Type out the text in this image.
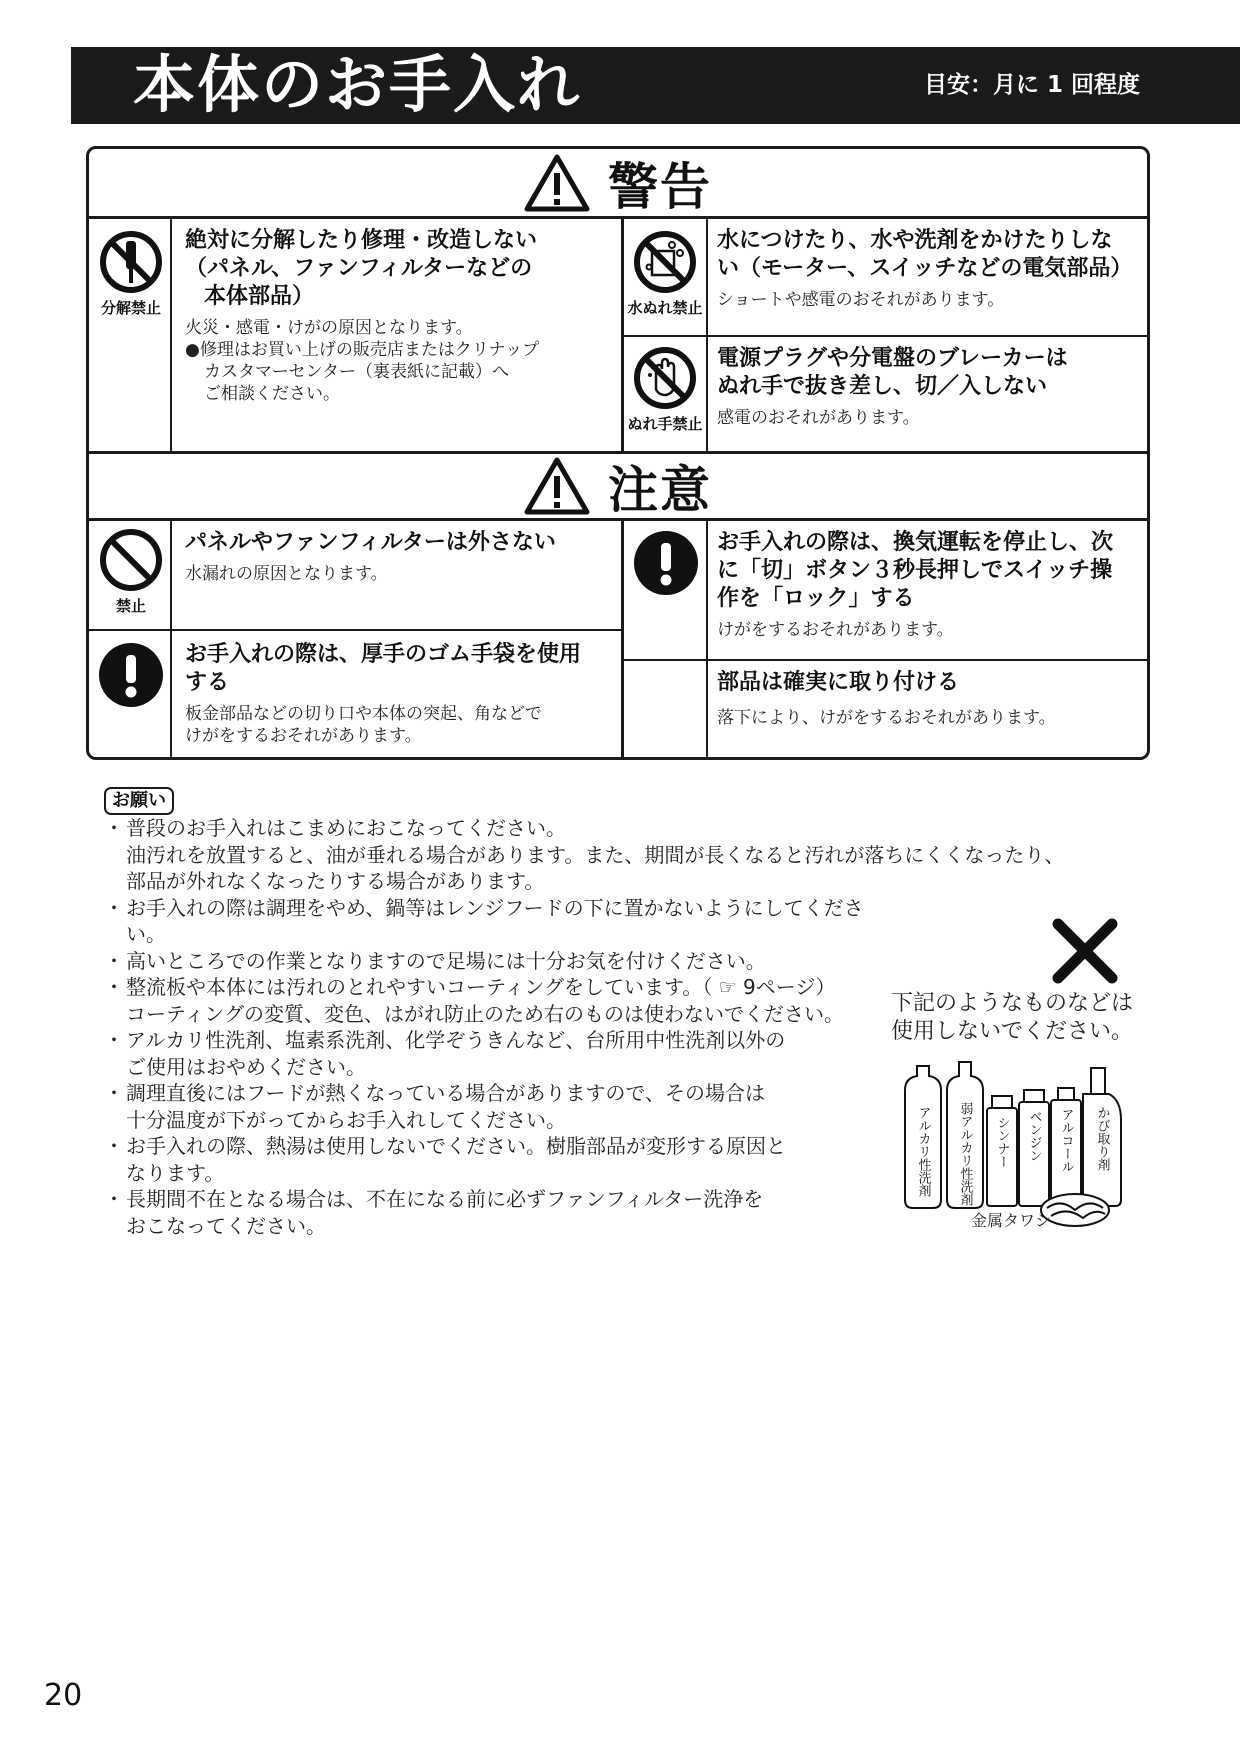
本体のお手入れ	目安：月に 1 回程度
警告
分解禁止
絶対に分解したり修理・改造しない
（パネル、ファンフィルターなどの
本体部品）

火災・感電・けがの原因となります。

●修理はお買い上げの販売店またはクリナップ

カスタマーセンター（裏表紙に記載）へ

ご相談ください。

水ぬれ禁止
水につけたり、水や洗剤をかけたりしな
い（モーター、スイッチなどの電気部品）

ショートや感電のおそれがあります。

ぬれ手禁止
電源プラグや分電盤のブレーカーは
ぬれ手で抜き差し、切／入しない

感電のおそれがあります。

注意
禁止
パネルやファンフィルターは外さない

水漏れの原因となります。

お手入れの際は、厚手のゴム手袋を使用
する

板金部品などの切り口や本体の突起、角などで

けがをするおそれがあります。

お手入れの際は、換気運転を停止し、次
に「切」ボタン３秒長押しでスイッチ操
作を「ロック」する

けがをするおそれがあります。

部品は確実に取り付ける

落下により、けがをするおそれがあります。

お願い
・ 普段のお手入れはこまめにおこなってください。
油汚れを放置すると、油が垂れる場合があります。また、期間が長くなると汚れが落ちにくくなったり、
部品が外れなくなったりする場合があります。
・ お手入れの際は調理をやめ、鍋等はレンジフードの下に置かないようにしてください。
・ 高いところでの作業となりますので足場には十分お気を付けください。
・ 整流板や本体には汚れのとれやすいコーティングをしています。（ ☞ 9ページ）
コーティングの変質、変色、はがれ防止のため右のものは使わないでください。
・ アルカリ性洗剤、塩素系洗剤、化学ぞうきんなど、台所用中性洗剤以外の
ご使用はおやめください。
・ 調理直後にはフードが熱くなっている場合がありますので、その場合は
十分温度が下がってからお手入れしてください。
・ お手入れの際、熱湯は使用しないでください。樹脂部品が変形する原因と
なります。
・ 長期間不在となる場合は、不在になる前に必ずファンフィルター洗浄を
おこなってください。
下記のようなものなどは
使用しないでください。
アルカリ性洗剤 弱アルカリ性洗剤 シンナー ベンジン アルコール かび取り剤
金属タワシ
20
